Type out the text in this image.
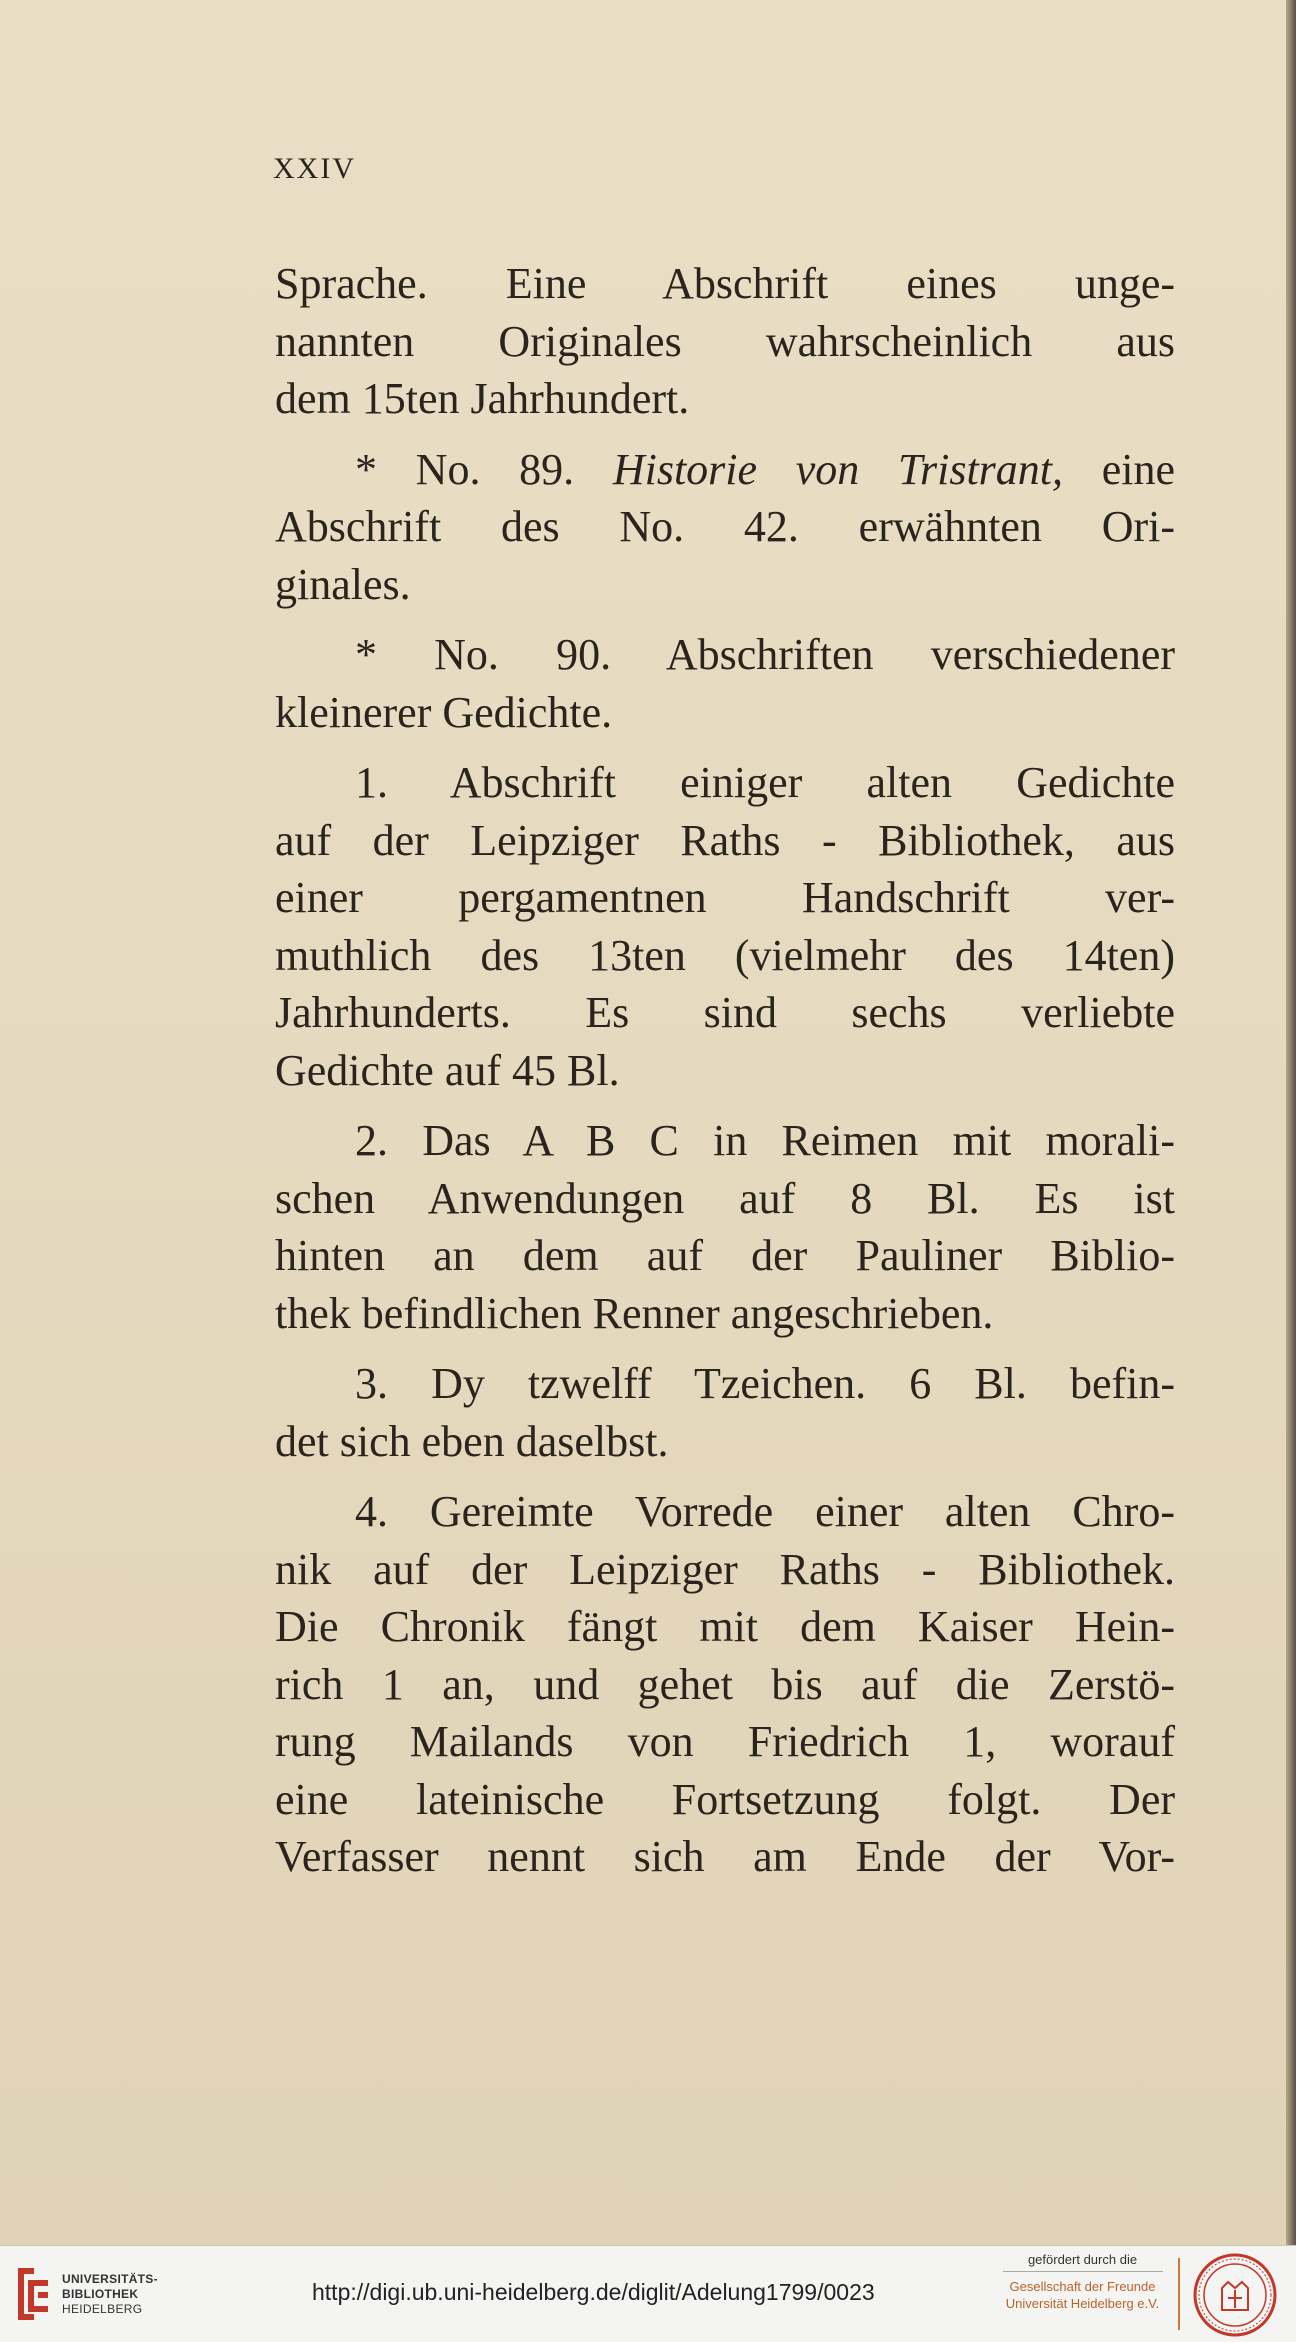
XXIV
Sprache. Eine Abschrift eines unge-
nannten Originales wahrscheinlich aus
dem 15ten Jahrhundert.
* No. 89. Historie von Tristrant, eine
Abschrift des No. 42. erwähnten Ori-
ginales.
* No. 90. Abschriften verschiedener
kleinerer Gedichte.
1. Abschrift einiger alten Gedichte
auf der Leipziger Raths - Bibliothek, aus
einer pergamentnen Handschrift ver-
muthlich des 13ten (vielmehr des 14ten)
Jahrhunderts. Es sind sechs verliebte
Gedichte auf 45 Bl.
2. Das A B C in Reimen mit morali-
schen Anwendungen auf 8 Bl. Es ist
hinten an dem auf der Pauliner Biblio-
thek befindlichen Renner angeschrieben.
3. Dy tzwelff Tzeichen. 6 Bl. befin-
det sich eben daselbst.
4. Gereimte Vorrede einer alten Chro-
nik auf der Leipziger Raths - Bibliothek.
Die Chronik fängt mit dem Kaiser Hein-
rich 1 an, und gehet bis auf die Zerstö-
rung Mailands von Friedrich 1, worauf
eine lateinische Fortsetzung folgt. Der
Verfasser nennt sich am Ende der Vor-
UNIVERSITÄTS-
BIBLIOTHEK
HEIDELBERG
http://digi.ub.uni-heidelberg.de/diglit/Adelung1799/0023
gefördert durch die
Gesellschaft der Freunde
Universität Heidelberg e.V.
